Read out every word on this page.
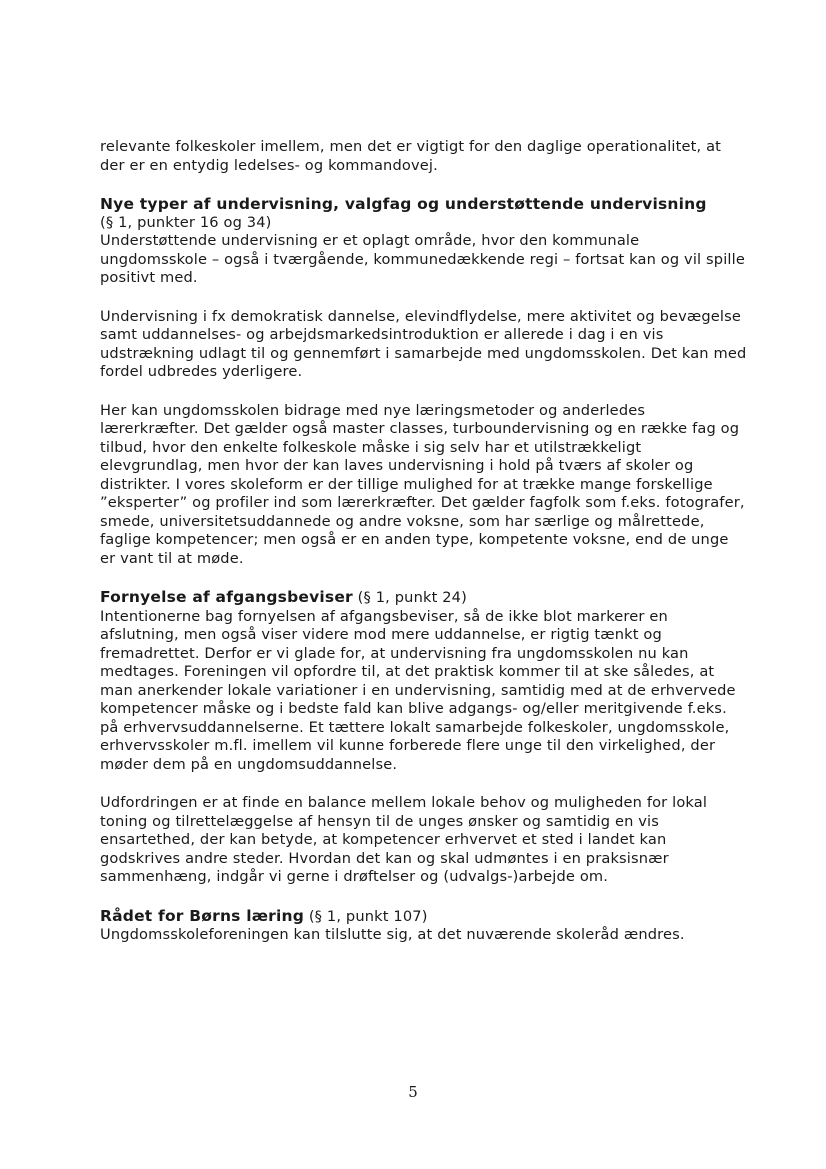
relevante folkeskoler imellem, men det er vigtigt for den daglige operationalitet, at der er en entydig ledelses- og kommandovej.

Nye typer af undervisning, valgfag og understøttende undervisning
(§ 1, punkter 16 og 34)

Understøttende undervisning er et oplagt område, hvor den kommunale ungdomsskole – også i tværgående, kommunedækkende regi – fortsat kan og vil spille positivt med.

Undervisning i fx demokratisk dannelse, elevindflydelse, mere aktivitet og bevægelse samt uddannelses- og arbejdsmarkedsintroduktion er allerede i dag i en vis udstrækning udlagt til og gennemført i samarbejde med ungdomsskolen. Det kan med fordel udbredes yderligere.

Her kan ungdomsskolen bidrage med nye læringsmetoder og anderledes lærerkræfter. Det gælder også master classes, turboundervisning og en række fag og tilbud, hvor den enkelte folkeskole måske i sig selv har et utilstrækkeligt elevgrundlag, men hvor der kan laves undervisning i hold på tværs af skoler og distrikter. I vores skoleform er der tillige mulighed for at trække mange forskellige ”eksperter” og profiler ind som lærerkræfter. Det gælder fagfolk som f.eks. fotografer, smede, universitetsuddannede og andre voksne, som har særlige og målrettede, faglige kompetencer; men også er en anden type, kompetente voksne, end de unge er vant til at møde.

Fornyelse af afgangsbeviser (§ 1, punkt 24)

Intentionerne bag fornyelsen af afgangsbeviser, så de ikke blot markerer en afslutning, men også viser videre mod mere uddannelse, er rigtig tænkt og fremadrettet. Derfor er vi glade for, at undervisning fra ungdomsskolen nu kan medtages. Foreningen vil opfordre til, at det praktisk kommer til at ske således, at man anerkender lokale variationer i en undervisning, samtidig med at de erhvervede kompetencer måske og i bedste fald kan blive adgangs- og/eller meritgivende f.eks. på erhvervsuddannelserne. Et tættere lokalt samarbejde folkeskoler, ungdomsskole, erhvervsskoler m.fl. imellem vil kunne forberede flere unge til den virkelighed, der møder dem på en ungdomsuddannelse.

Udfordringen er at finde en balance mellem lokale behov og muligheden for lokal toning og tilrettelæggelse af hensyn til de unges ønsker og samtidig en vis ensartethed, der kan betyde, at kompetencer erhvervet et sted i landet kan godskrives andre steder. Hvordan det kan og skal udmøntes i en praksisnær sammenhæng, indgår vi gerne i drøftelser og (udvalgs-)arbejde om.

Rådet for Børns læring (§ 1, punkt 107)

Ungdomsskoleforeningen kan tilslutte sig, at det nuværende skoleråd ændres.

5
